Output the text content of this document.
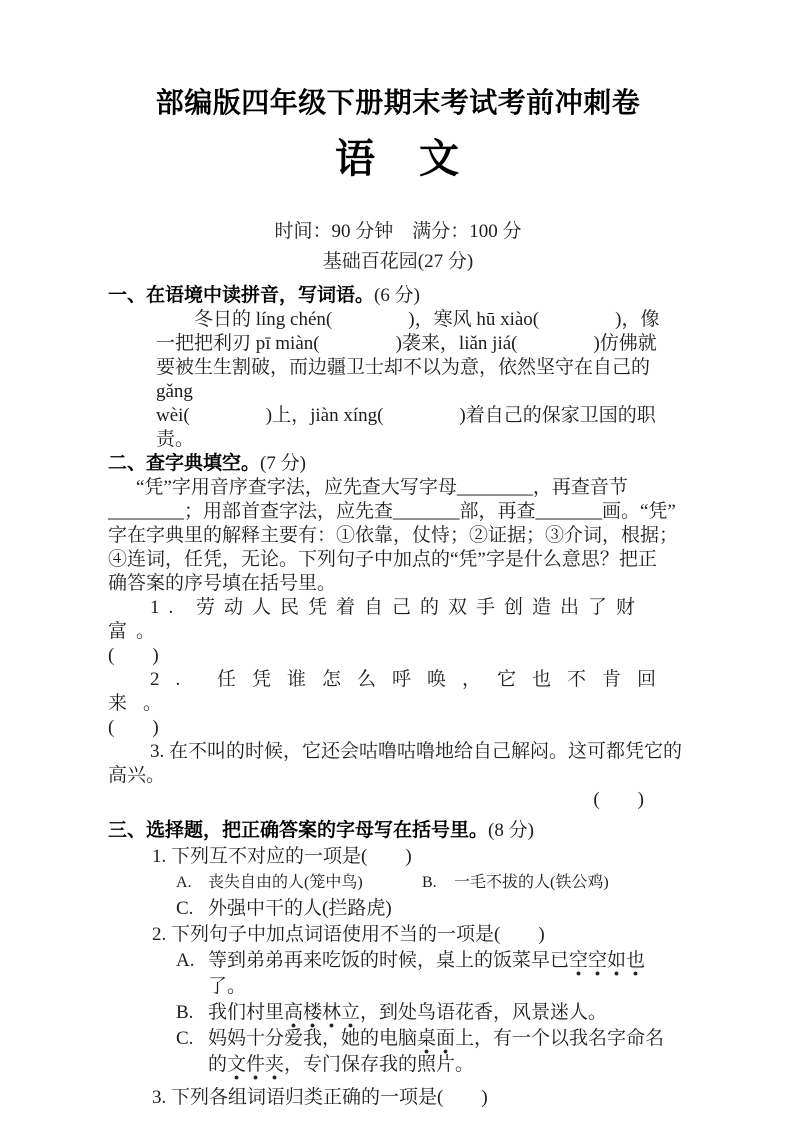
部编版四年级下册期末考试考前冲刺卷
语　文
时间：90 分钟　满分：100 分
基础百花园(27 分)
一、在语境中读拼音，写词语。(6 分)
冬日的 líng chén(　　　　)，寒风 hū xiào(　　　　)，像
一把把利刃 pī miàn(　　　　)袭来，liǎn jiá(　　　　)仿佛就
要被生生割破，而边疆卫士却不以为意，依然坚守在自己的gǎng
wèi(　　　　)上，jiàn xíng(　　　　)着自己的保家卫国的职
责。
二、查字典填空。(7 分)
“凭”字用音序查字法，应先查大写字母________，再查音节
________；用部首查字法，应先查_______部，再查_______画。“凭”
字在字典里的解释主要有：①依靠，仗恃；②证据；③介词，根据；
④连词，任凭，无论。下列句子中加点的“凭”字是什么意思？把正
确答案的序号填在括号里。
1. 劳动人民凭着自己的双手创造出了财富。
(　　)
2. 任凭谁怎么呼唤，它也不肯回来。
(　　)
3. 在不叫的时候，它还会咕噜咕噜地给自己解闷。这可都凭它的
高兴。
(　　)
三、选择题，把正确答案的字母写在括号里。(8 分)
1. 下列互不对应的一项是(　　)
A.	丧失自由的人(笼中鸟)	B.	一毛不拔的人(铁公鸡)
C. 外强中干的人(拦路虎)
2. 下列句子中加点词语使用不当的一项是(　　)
A. 等到弟弟再来吃饭的时候，桌上的饭菜早已空空如也了。
B. 我们村里高楼林立，到处鸟语花香，风景迷人。
C. 妈妈十分爱我，她的电脑桌面上，有一个以我名字命名的文件夹，专门保存我的照片。
3. 下列各组词语归类正确的一项是(　　)
